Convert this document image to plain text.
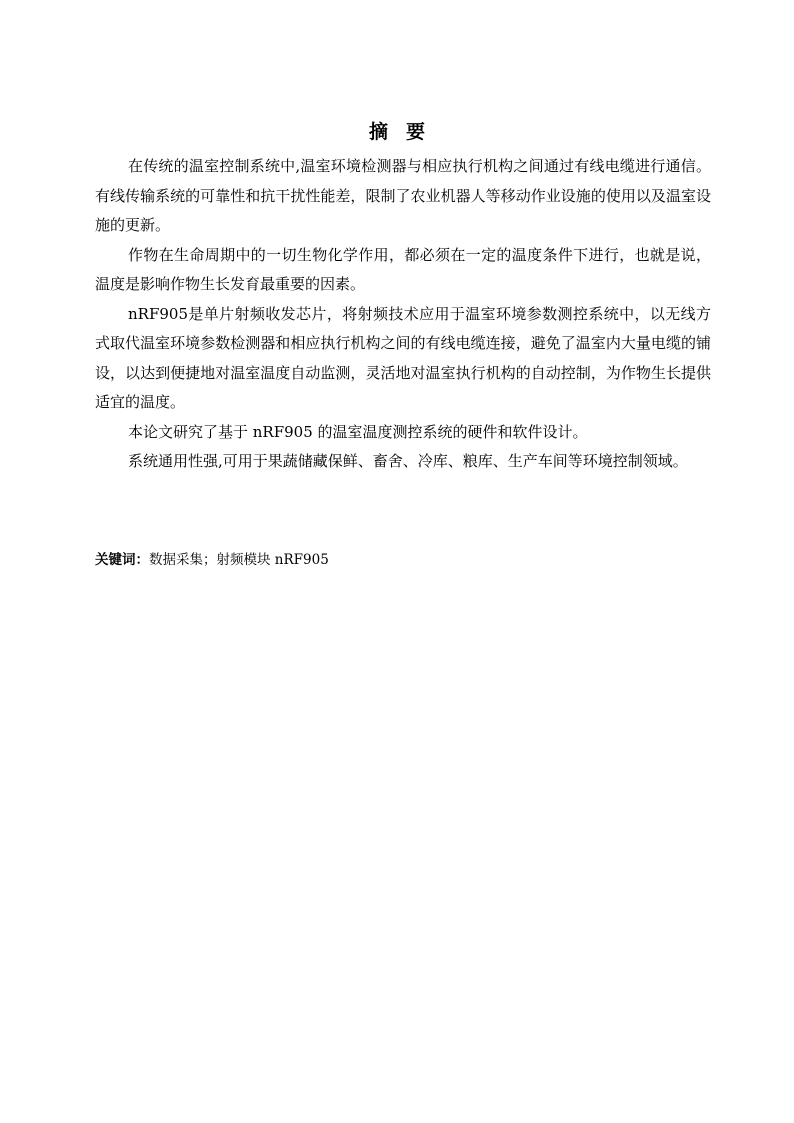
摘要

在传统的温室控制系统中,温室环境检测器与相应执行机构之间通过有线电缆进行通信。有线传输系统的可靠性和抗干扰性能差，限制了农业机器人等移动作业设施的使用以及温室设施的更新。

作物在生命周期中的一切生物化学作用，都必须在一定的温度条件下进行，也就是说，温度是影响作物生长发育最重要的因素。

nRF905是单片射频收发芯片，将射频技术应用于温室环境参数测控系统中，以无线方式取代温室环境参数检测器和相应执行机构之间的有线电缆连接，避免了温室内大量电缆的铺设，以达到便捷地对温室温度自动监测，灵活地对温室执行机构的自动控制，为作物生长提供适宜的温度。

本论文研究了基于 nRF905 的温室温度测控系统的硬件和软件设计。

系统通用性强,可用于果蔬储藏保鲜、畜舍、冷库、粮库、生产车间等环境控制领域。

关键词：数据采集；射频模块 nRF905
